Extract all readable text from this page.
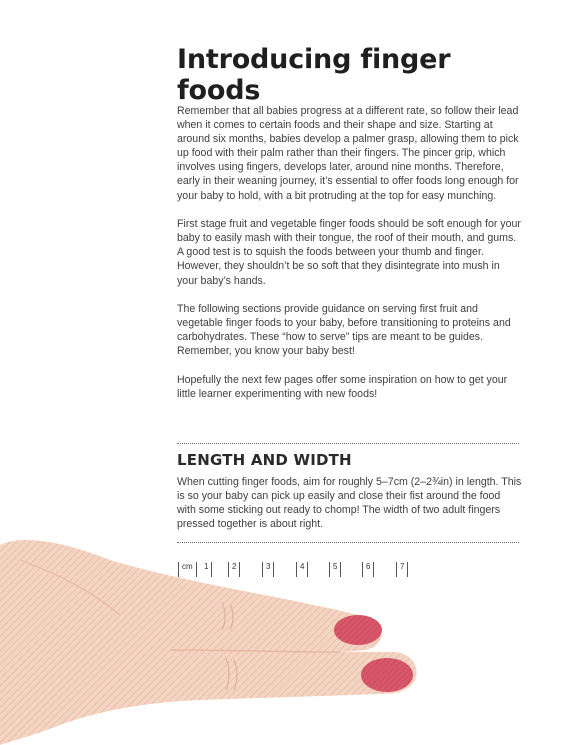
Introducing finger foods

Remember that all babies progress at a different rate, so follow their lead when it comes to certain foods and their shape and size. Starting at around six months, babies develop a palmer grasp, allowing them to pick up food with their palm rather than their fingers. The pincer grip, which involves using fingers, develops later, around nine months. Therefore, early in their weaning journey, it’s essential to offer foods long enough for your baby to hold, with a bit protruding at the top for easy munching.

First stage fruit and vegetable finger foods should be soft enough for your baby to easily mash with their tongue, the roof of their mouth, and gums. A good test is to squish the foods between your thumb and finger. However, they shouldn’t be so soft that they disintegrate into mush in your baby’s hands.

The following sections provide guidance on serving first fruit and vegetable finger foods to your baby, before transitioning to proteins and carbohydrates. These “how to serve” tips are meant to be guides. Remember, you know your baby best!

Hopefully the next few pages offer some inspiration on how to get your little learner experimenting with new foods!

LENGTH AND WIDTH

When cutting finger foods, aim for roughly 5–7cm (2–2¾in) in length. This is so your baby can pick up easily and close their fist around the food with some sticking out ready to chomp! The width of two adult fingers pressed together is about right.

cm 1	2	3	4	5	6	7
